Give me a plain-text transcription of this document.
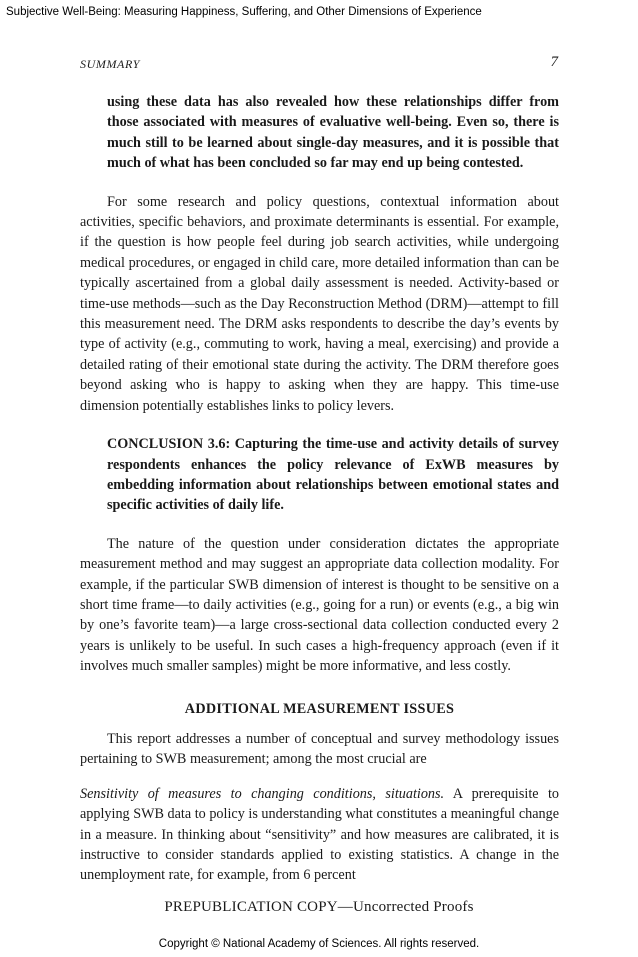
Subjective Well-Being: Measuring Happiness, Suffering, and Other Dimensions of Experience
SUMMARY	7

using these data has also revealed how these relationships differ from those associated with measures of evaluative well-being. Even so, there is much still to be learned about single-day measures, and it is possible that much of what has been concluded so far may end up being contested.

For some research and policy questions, contextual information about activities, specific behaviors, and proximate determinants is essential. For example, if the question is how people feel during job search activities, while undergoing medical procedures, or engaged in child care, more detailed information than can be typically ascertained from a global daily assessment is needed. Activity-based or time-use methods—such as the Day Reconstruction Method (DRM)—attempt to fill this measurement need. The DRM asks respondents to describe the day’s events by type of activity (e.g., commuting to work, having a meal, exercising) and provide a detailed rating of their emotional state during the activity. The DRM therefore goes beyond asking who is happy to asking when they are happy. This time-use dimension potentially establishes links to policy levers.

CONCLUSION 3.6: Capturing the time-use and activity details of survey respondents enhances the policy relevance of ExWB measures by embedding information about relationships between emotional states and specific activities of daily life.

The nature of the question under consideration dictates the appropriate measurement method and may suggest an appropriate data collection modality. For example, if the particular SWB dimension of interest is thought to be sensitive on a short time frame—to daily activities (e.g., going for a run) or events (e.g., a big win by one’s favorite team)—a large cross-sectional data collection conducted every 2 years is unlikely to be useful. In such cases a high-frequency approach (even if it involves much smaller samples) might be more informative, and less costly.

ADDITIONAL MEASUREMENT ISSUES

This report addresses a number of conceptual and survey methodology issues pertaining to SWB measurement; among the most crucial are

Sensitivity of measures to changing conditions, situations. A prerequisite to applying SWB data to policy is understanding what constitutes a meaningful change in a measure. In thinking about “sensitivity” and how measures are calibrated, it is instructive to consider standards applied to existing statistics. A change in the unemployment rate, for example, from 6 percent

PREPUBLICATION COPY—Uncorrected Proofs
Copyright © National Academy of Sciences. All rights reserved.
